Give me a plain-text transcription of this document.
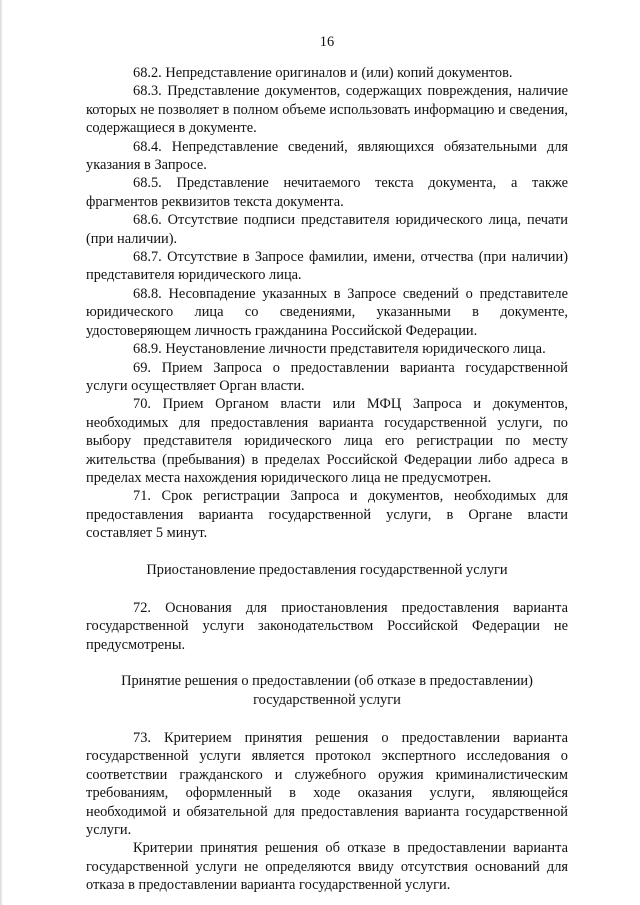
16

68.2. Непредставление оригиналов и (или) копий документов.

68.3. Представление документов, содержащих повреждения, наличие которых не позволяет в полном объеме использовать информацию и сведения, содержащиеся в документе.

68.4. Непредставление сведений, являющихся обязательными для указания в Запросе.

68.5. Представление нечитаемого текста документа, а также фрагментов реквизитов текста документа.

68.6. Отсутствие подписи представителя юридического лица, печати (при наличии).

68.7. Отсутствие в Запросе фамилии, имени, отчества (при наличии) представителя юридического лица.

68.8. Несовпадение указанных в Запросе сведений о представителе юридического лица со сведениями, указанными в документе, удостоверяющем личность гражданина Российской Федерации.

68.9. Неустановление личности представителя юридического лица.

69. Прием Запроса о предоставлении варианта государственной услуги осуществляет Орган власти.

70. Прием Органом власти или МФЦ Запроса и документов, необходимых для предоставления варианта государственной услуги, по выбору представителя юридического лица его регистрации по месту жительства (пребывания) в пределах Российской Федерации либо адреса в пределах места нахождения юридического лица не предусмотрен.

71. Срок регистрации Запроса и документов, необходимых для предоставления варианта государственной услуги, в Органе власти составляет 5 минут.

Приостановление предоставления государственной услуги

72. Основания для приостановления предоставления варианта государственной услуги законодательством Российской Федерации не предусмотрены.

Принятие решения о предоставлении (об отказе в предоставлении)

государственной услуги

73. Критерием принятия решения о предоставлении варианта государственной услуги является протокол экспертного исследования о соответствии гражданского и служебного оружия криминалистическим требованиям, оформленный в ходе оказания услуги, являющейся необходимой и обязательной для предоставления варианта государственной услуги.

Критерии принятия решения об отказе в предоставлении варианта государственной услуги не определяются ввиду отсутствия оснований для отказа в предоставлении варианта государственной услуги.
